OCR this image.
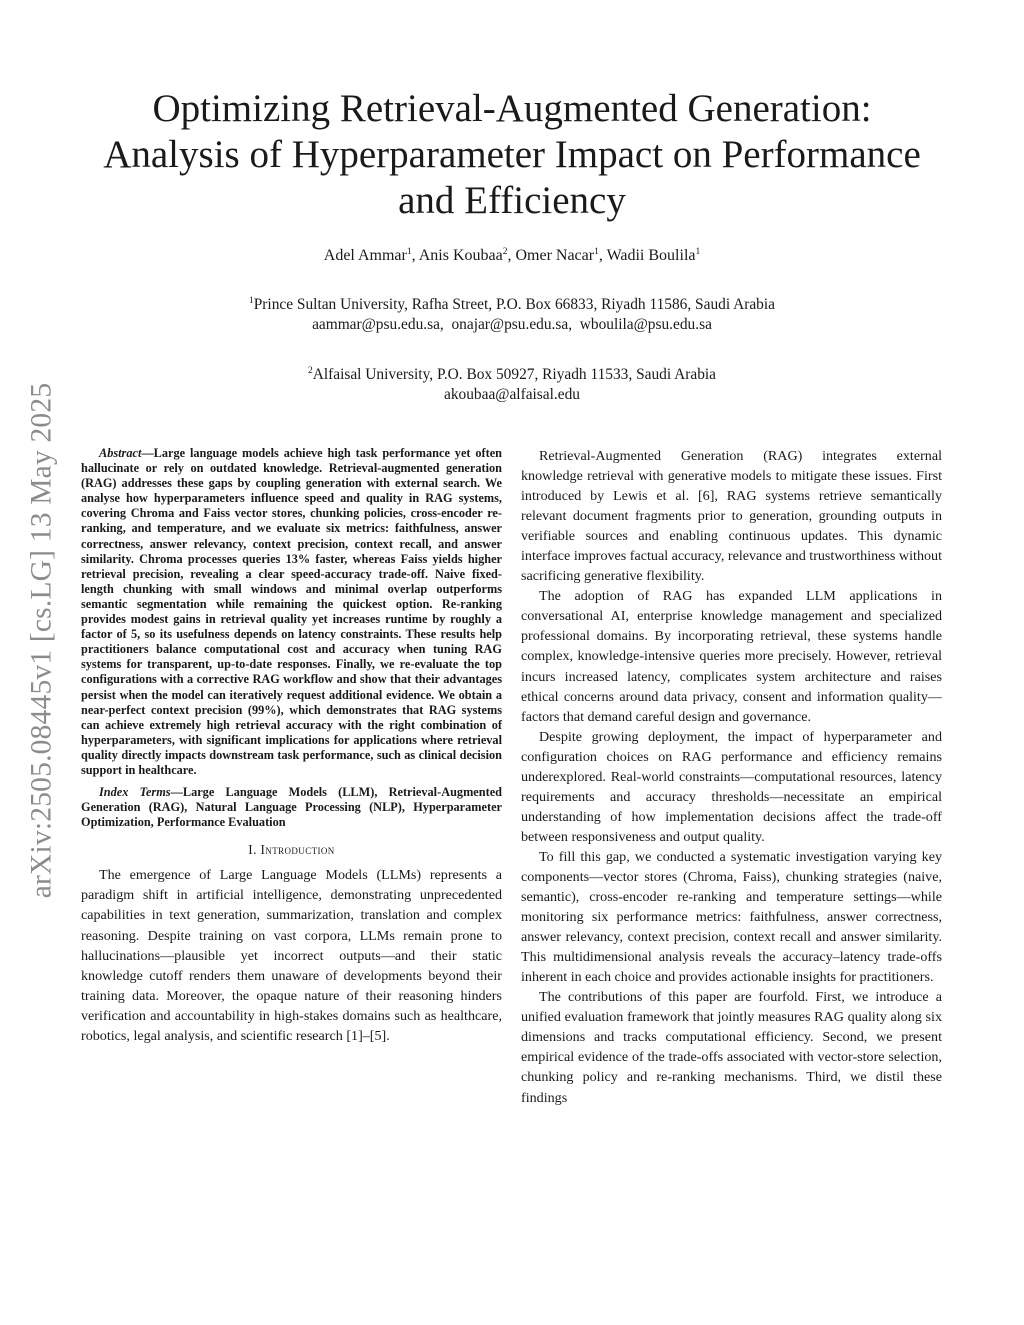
arXiv:2505.08445v1 [cs.LG] 13 May 2025
Optimizing Retrieval-Augmented Generation:
Analysis of Hyperparameter Impact on Performance
and Efficiency
Adel Ammar$^1$, Anis Koubaa$^2$, Omer Nacar$^1$, Wadii Boulila$^1$
$^1$Prince Sultan University, Rafha Street, P.O. Box 66833, Riyadh 11586, Saudi Arabia
aammar@psu.edu.sa,  onajar@psu.edu.sa,  wboulila@psu.edu.sa
$^2$Alfaisal University, P.O. Box 50927, Riyadh 11533, Saudi Arabia
akoubaa@alfaisal.edu

Abstract—Large language models achieve high task performance yet often hallucinate or rely on outdated knowledge. Retrieval-augmented generation (RAG) addresses these gaps by coupling generation with external search. We analyse how hyperparameters influence speed and quality in RAG systems, covering Chroma and Faiss vector stores, chunking policies, cross-encoder re-ranking, and temperature, and we evaluate six metrics: faithfulness, answer correctness, answer relevancy, context precision, context recall, and answer similarity. Chroma processes queries 13% faster, whereas Faiss yields higher retrieval precision, revealing a clear speed-accuracy trade-off. Naive fixed-length chunking with small windows and minimal overlap outperforms semantic segmentation while remaining the quickest option. Re-ranking provides modest gains in retrieval quality yet increases runtime by roughly a factor of 5, so its usefulness depends on latency constraints. These results help practitioners balance computational cost and accuracy when tuning RAG systems for transparent, up-to-date responses. Finally, we re-evaluate the top configurations with a corrective RAG workflow and show that their advantages persist when the model can iteratively request additional evidence. We obtain a near-perfect context precision (99%), which demonstrates that RAG systems can achieve extremely high retrieval accuracy with the right combination of hyperparameters, with significant implications for applications where retrieval quality directly impacts downstream task performance, such as clinical decision support in healthcare.

Index Terms—Large Language Models (LLM), Retrieval-Augmented Generation (RAG), Natural Language Processing (NLP), Hyperparameter Optimization, Performance Evaluation

I. Introduction

The emergence of Large Language Models (LLMs) represents a paradigm shift in artificial intelligence, demonstrating unprecedented capabilities in text generation, summarization, translation and complex reasoning. Despite training on vast corpora, LLMs remain prone to hallucinations—plausible yet incorrect outputs—and their static knowledge cutoff renders them unaware of developments beyond their training data. Moreover, the opaque nature of their reasoning hinders verification and accountability in high-stakes domains such as healthcare, robotics, legal analysis, and scientific research [1]–[5].

Retrieval-Augmented Generation (RAG) integrates external knowledge retrieval with generative models to mitigate these issues. First introduced by Lewis et al. [6], RAG systems retrieve semantically relevant document fragments prior to generation, grounding outputs in verifiable sources and enabling continuous updates. This dynamic interface improves factual accuracy, relevance and trustworthiness without sacrificing generative flexibility.

The adoption of RAG has expanded LLM applications in conversational AI, enterprise knowledge management and specialized professional domains. By incorporating retrieval, these systems handle complex, knowledge-intensive queries more precisely. However, retrieval incurs increased latency, complicates system architecture and raises ethical concerns around data privacy, consent and information quality—factors that demand careful design and governance.

Despite growing deployment, the impact of hyperparameter and configuration choices on RAG performance and efficiency remains underexplored. Real-world constraints—computational resources, latency requirements and accuracy thresholds—necessitate an empirical understanding of how implementation decisions affect the trade-off between responsiveness and output quality.

To fill this gap, we conducted a systematic investigation varying key components—vector stores (Chroma, Faiss), chunking strategies (naive, semantic), cross-encoder re-ranking and temperature settings—while monitoring six performance metrics: faithfulness, answer correctness, answer relevancy, context precision, context recall and answer similarity. This multidimensional analysis reveals the accuracy–latency trade-offs inherent in each choice and provides actionable insights for practitioners.

The contributions of this paper are fourfold. First, we introduce a unified evaluation framework that jointly measures RAG quality along six dimensions and tracks computational efficiency. Second, we present empirical evidence of the trade-offs associated with vector-store selection, chunking policy and re-ranking mechanisms. Third, we distil these findings
